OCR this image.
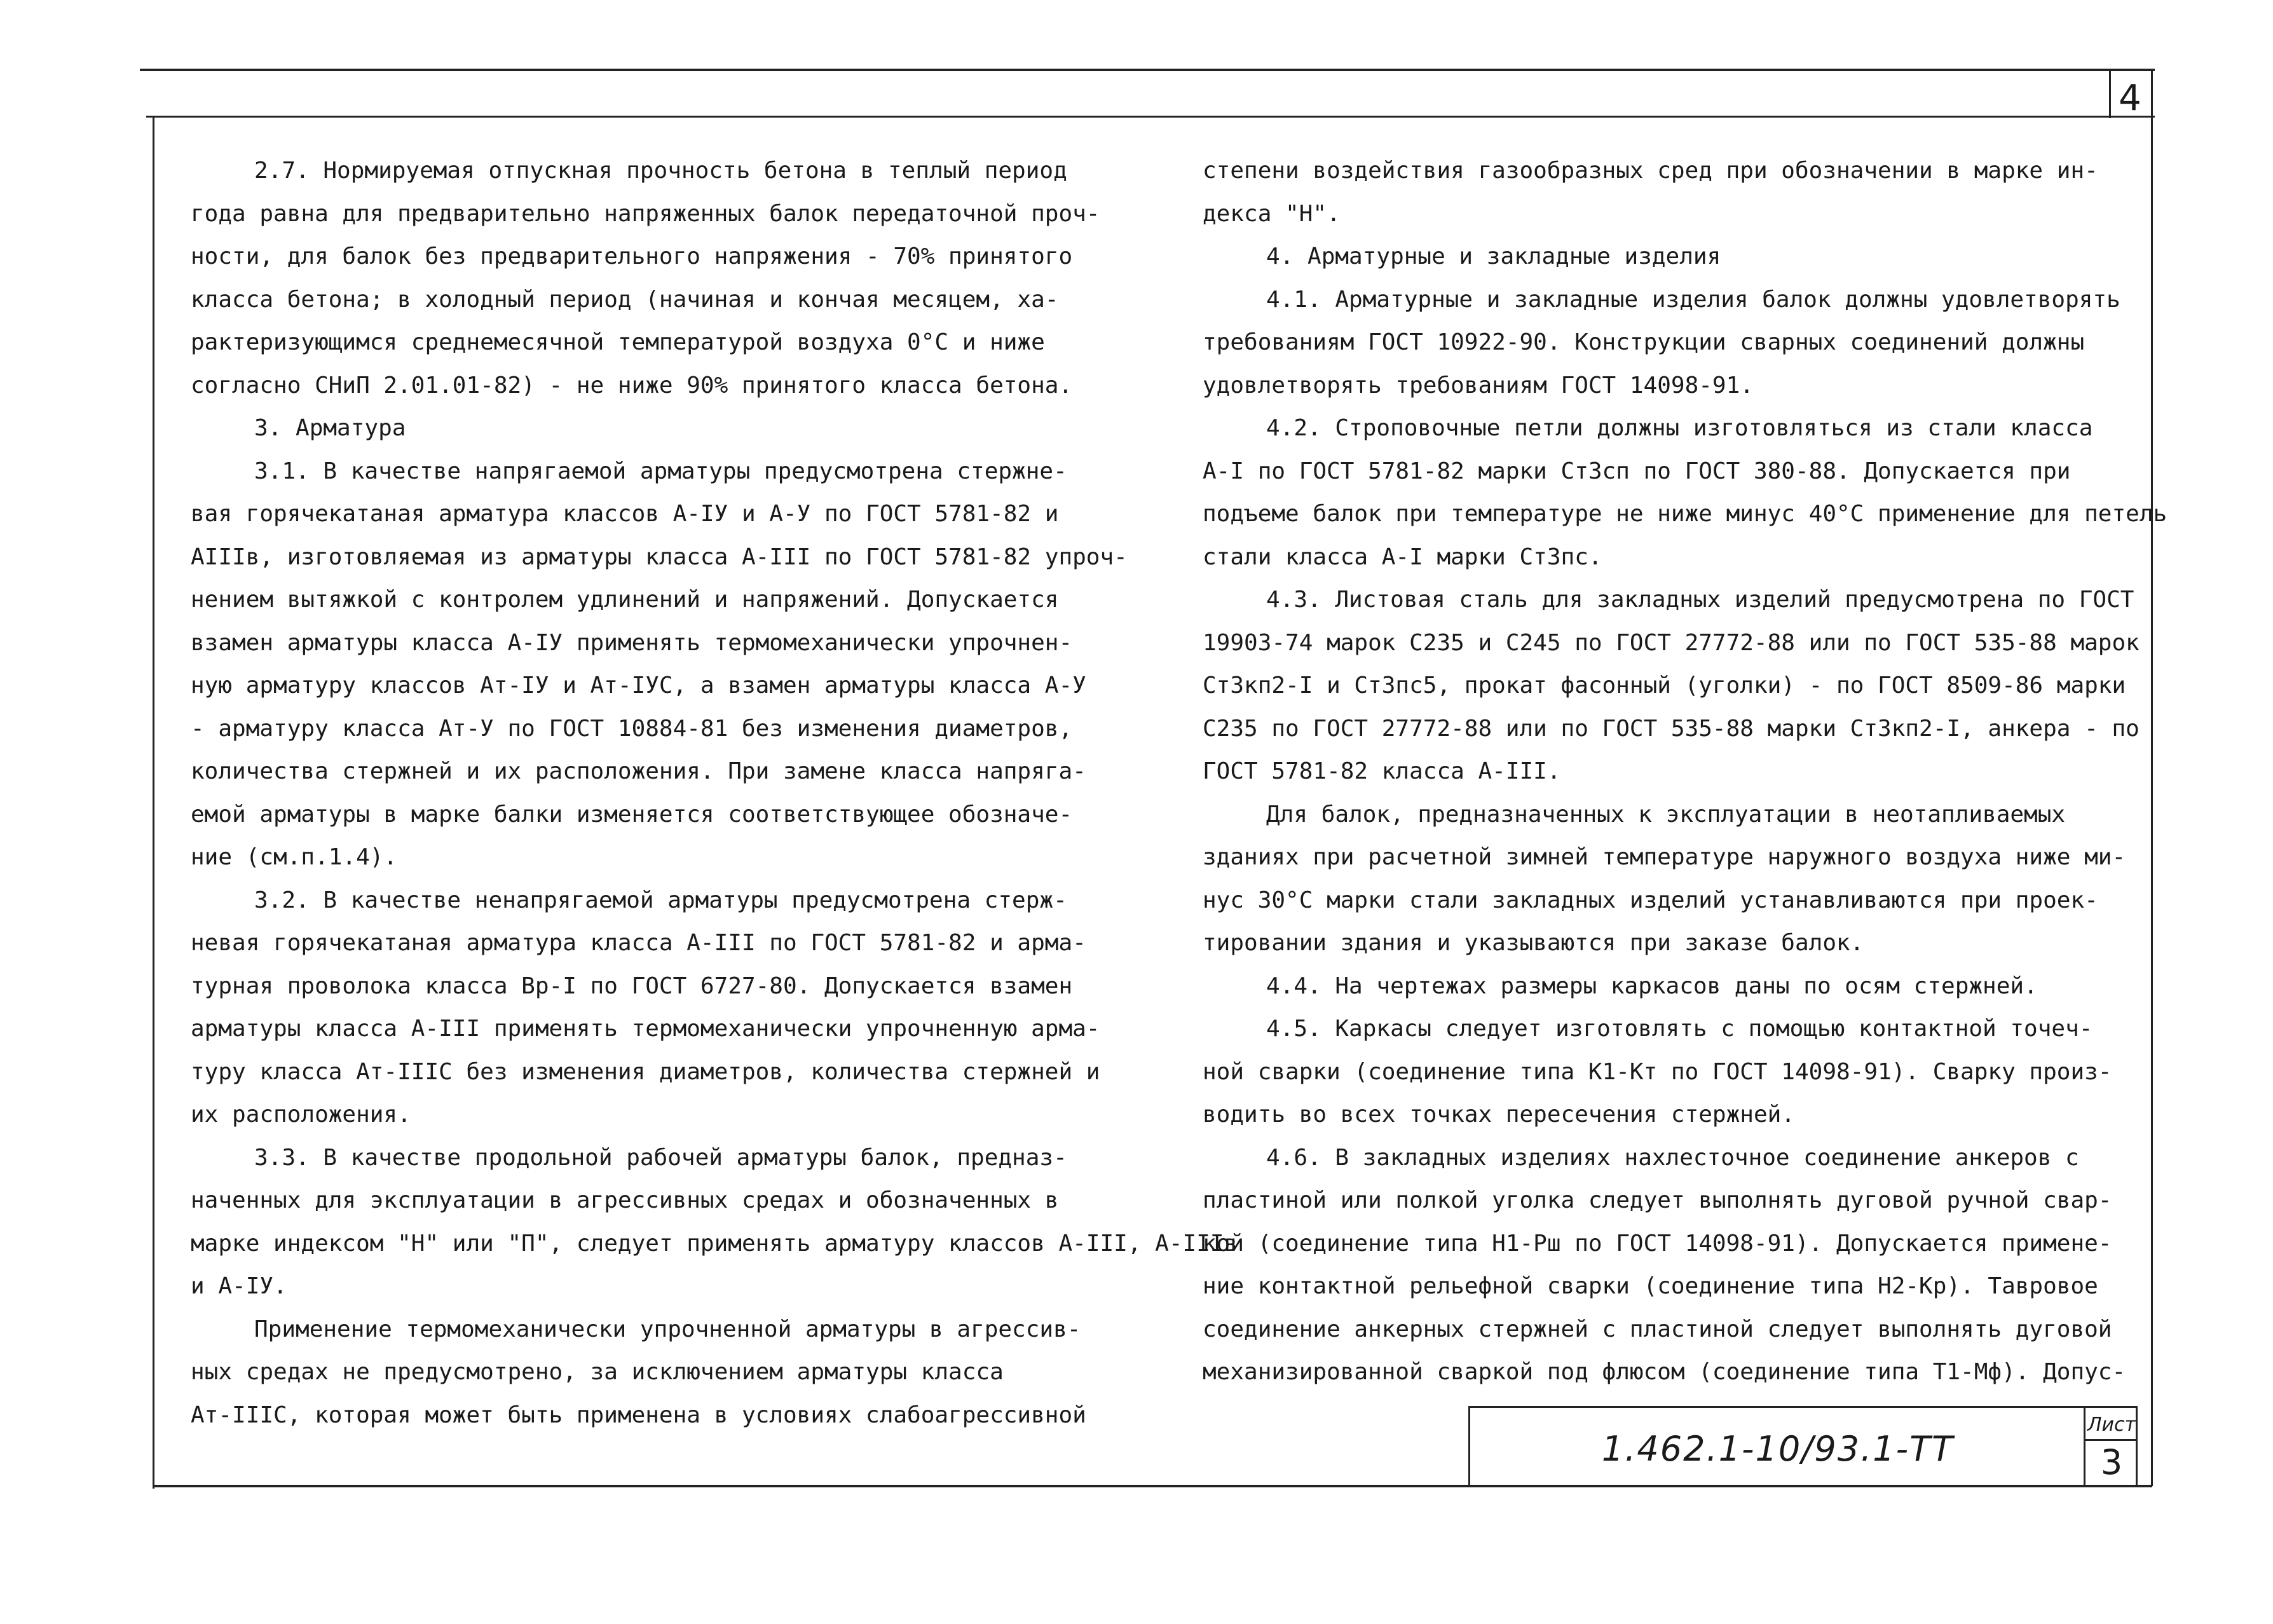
4

2.7. Нормируемая отпускная прочность бетона в теплый период

года равна для предварительно напряженных балок передаточной проч-

ности, для балок без предварительного напряжения - 70% принятого

класса бетона; в холодный период (начиная и кончая месяцем, ха-

рактеризующимся среднемесячной температурой воздуха 0°С и ниже

согласно СНиП 2.01.01-82) - не ниже 90% принятого класса бетона.

3. Арматура

3.1. В качестве напрягаемой арматуры предусмотрена стержне-

вая горячекатаная арматура классов А-IУ и А-У по ГОСТ 5781-82 и

АIIIв, изготовляемая из арматуры класса А-III по ГОСТ 5781-82 упроч-

нением вытяжкой с контролем удлинений и напряжений. Допускается

взамен арматуры класса А-IУ применять термомеханически упрочнен-

ную арматуру классов Ат-IУ и Ат-IУС, а взамен арматуры класса А-У

- арматуру класса Ат-У по ГОСТ 10884-81 без изменения диаметров,

количества стержней и их расположения. При замене класса напряга-

емой арматуры в марке балки изменяется соответствующее обозначе-

ние (см.п.1.4).

3.2. В качестве ненапрягаемой арматуры предусмотрена стерж-

невая горячекатаная арматура класса А-III по ГОСТ 5781-82 и арма-

турная проволока класса Вр-I по ГОСТ 6727-80. Допускается взамен

арматуры класса А-III применять термомеханически упрочненную арма-

туру класса Ат-IIIС без изменения диаметров, количества стержней и

их расположения.

3.3. В качестве продольной рабочей арматуры балок, предназ-

наченных для эксплуатации в агрессивных средах и обозначенных в

марке индексом "Н" или "П", следует применять арматуру классов А-III, А-IIIв

и А-IУ.

Применение термомеханически упрочненной арматуры в агрессив-

ных средах не предусмотрено, за исключением арматуры класса

Ат-IIIС, которая может быть применена в условиях слабоагрессивной

степени воздействия газообразных сред при обозначении в марке ин-

декса "Н".

4. Арматурные и закладные изделия

4.1. Арматурные и закладные изделия балок должны удовлетворять

требованиям ГОСТ 10922-90. Конструкции сварных соединений должны

удовлетворять требованиям ГОСТ 14098-91.

4.2. Строповочные петли должны изготовляться из стали класса

А-I по ГОСТ 5781-82 марки Ст3сп по ГОСТ 380-88. Допускается при

подъеме балок при температуре не ниже минус 40°С применение для петель

стали класса А-I марки Ст3пс.

4.3. Листовая сталь для закладных изделий предусмотрена по ГОСТ

19903-74 марок С235 и С245 по ГОСТ 27772-88 или по ГОСТ 535-88 марок

Ст3кп2-I и Ст3пс5, прокат фасонный (уголки) - по ГОСТ 8509-86 марки

С235 по ГОСТ 27772-88 или по ГОСТ 535-88 марки Ст3кп2-I, анкера - по

ГОСТ 5781-82 класса А-III.

Для балок, предназначенных к эксплуатации в неотапливаемых

зданиях при расчетной зимней температуре наружного воздуха ниже ми-

нус 30°С марки стали закладных изделий устанавливаются при проек-

тировании здания и указываются при заказе балок.

4.4. На чертежах размеры каркасов даны по осям стержней.

4.5. Каркасы следует изготовлять с помощью контактной точеч-

ной сварки (соединение типа К1-Кт по ГОСТ 14098-91). Сварку произ-

водить во всех точках пересечения стержней.

4.6. В закладных изделиях нахлесточное соединение анкеров с

пластиной или полкой уголка следует выполнять дуговой ручной свар-

кой (соединение типа Н1-Рш по ГОСТ 14098-91). Допускается примене-

ние контактной рельефной сварки (соединение типа Н2-Кр). Тавровое

соединение анкерных стержней с пластиной следует выполнять дуговой

механизированной сваркой под флюсом (соединение типа Т1-Мф). Допус-

1.462.1-10/93.1-ТТ
Лист
3
